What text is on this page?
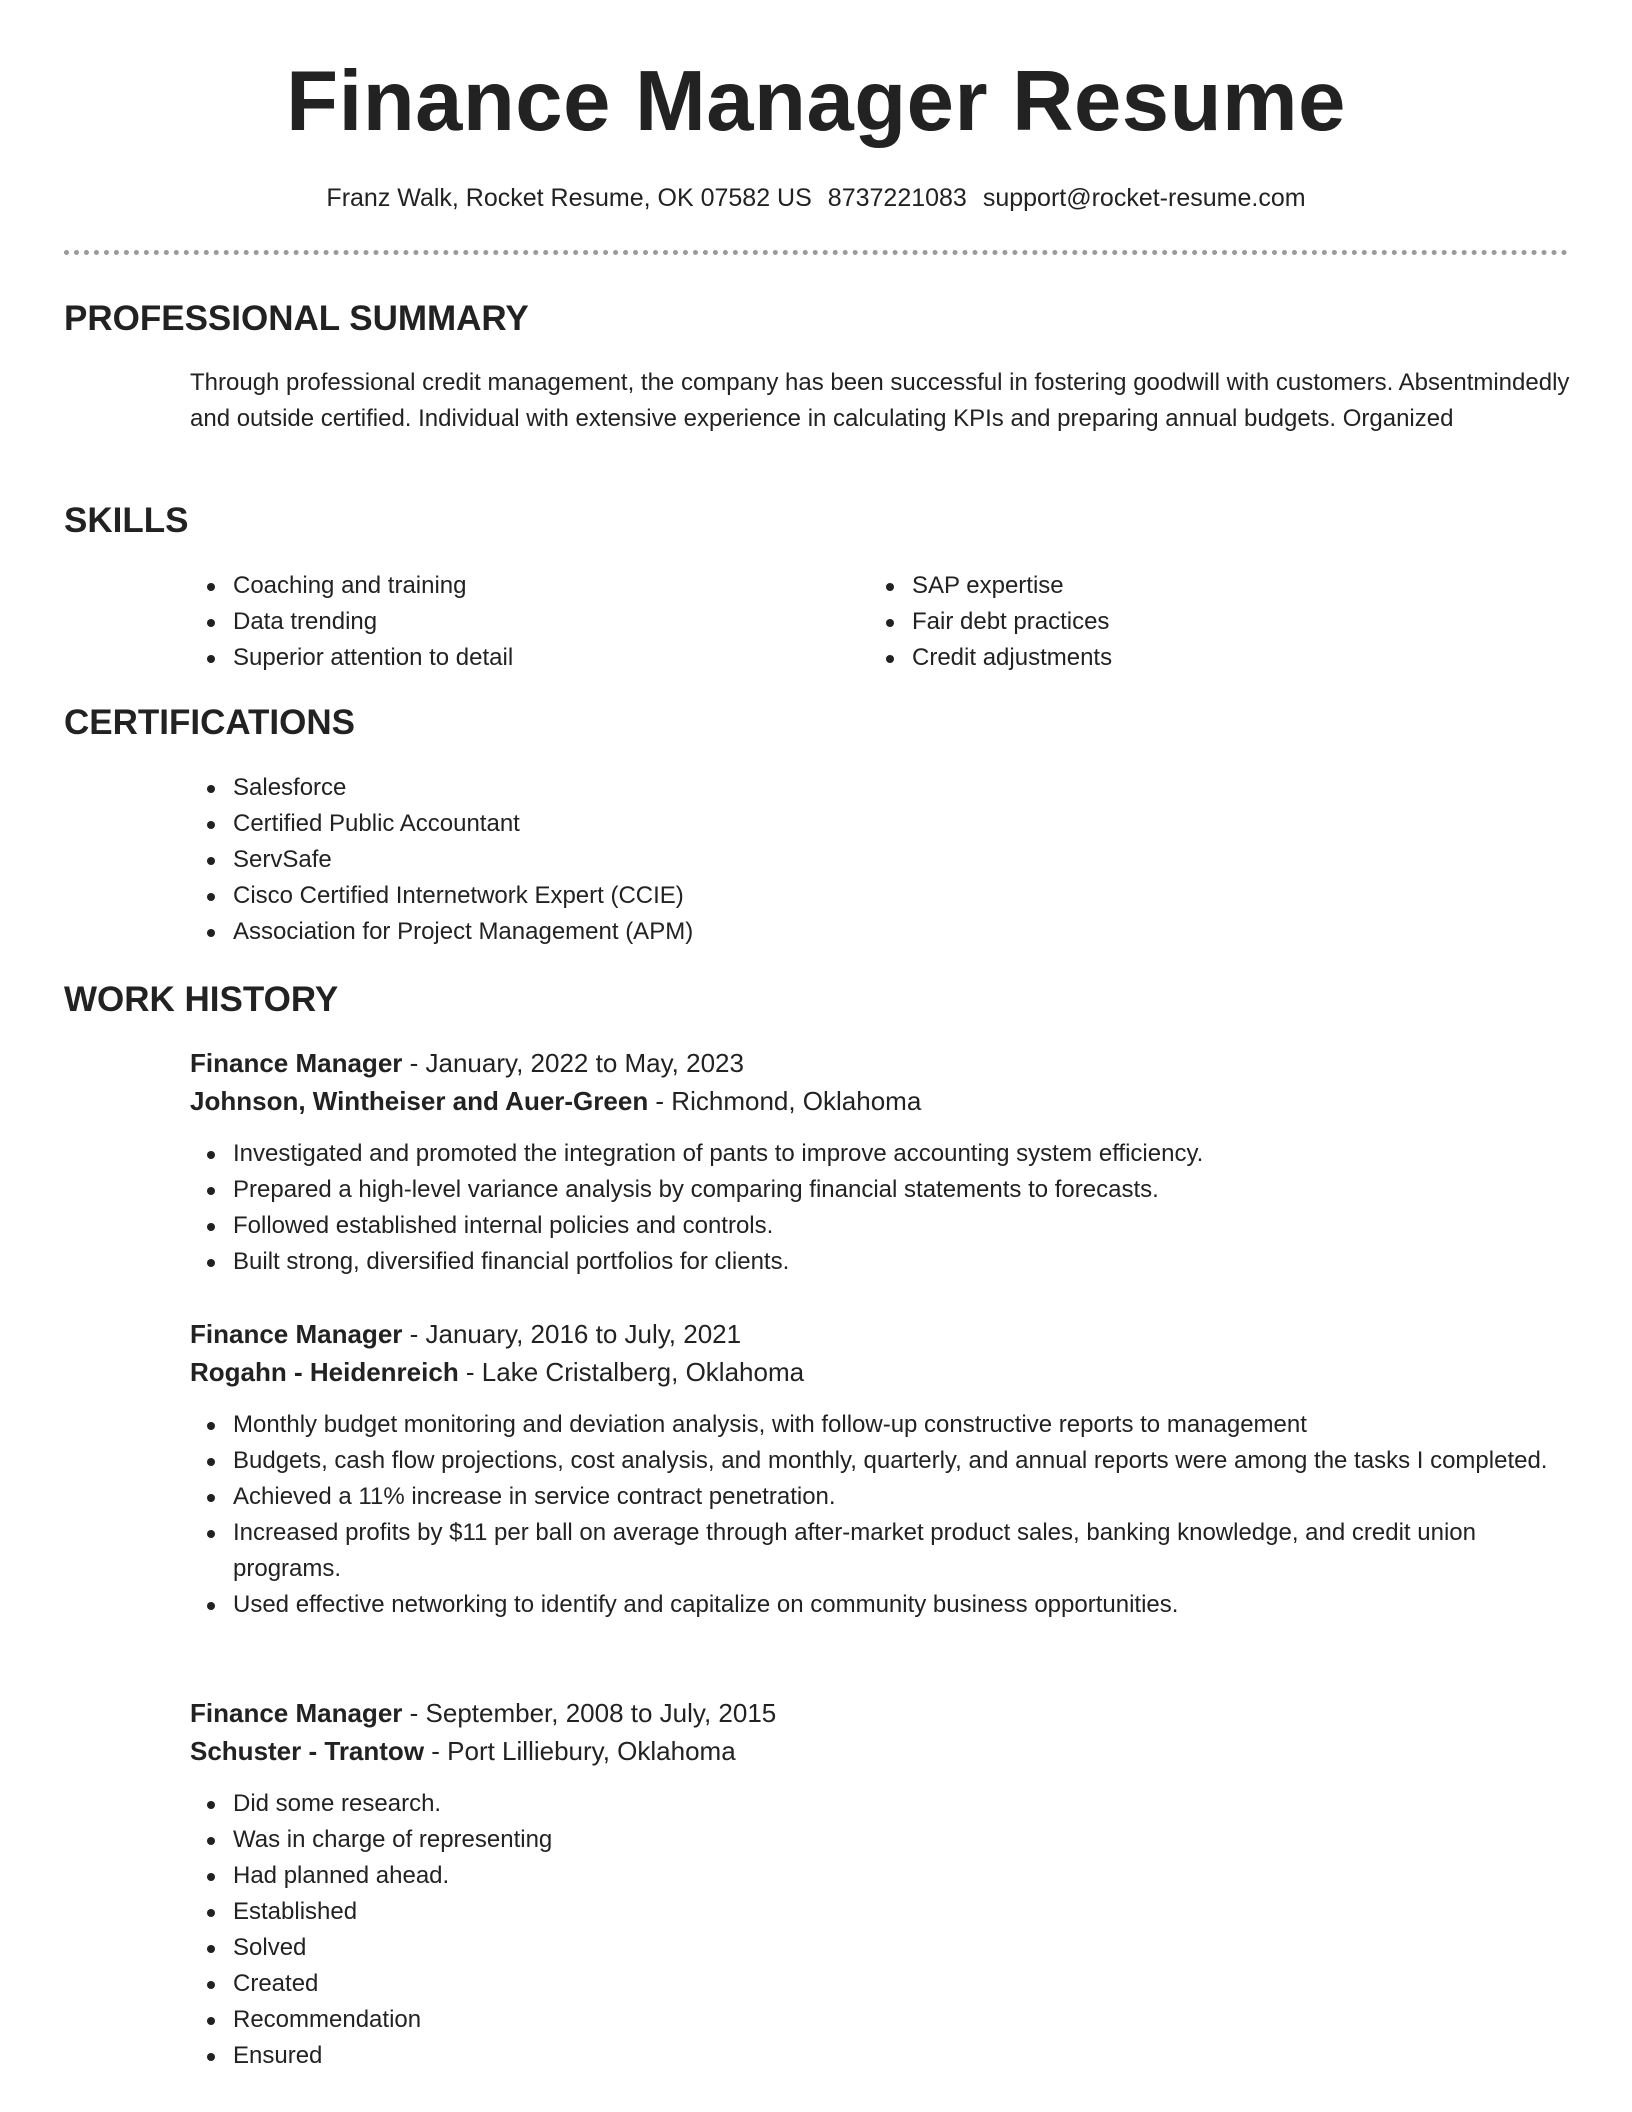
Finance Manager Resume
Franz Walk, Rocket Resume, OK 07582 US 8737221083 support@rocket-resume.com
PROFESSIONAL SUMMARY
Through professional credit management, the company has been successful in fostering goodwill with customers. Absentmindedly and outside certified. Individual with extensive experience in calculating KPIs and preparing annual budgets. Organized
SKILLS
Coaching and training
Data trending
Superior attention to detail
SAP expertise
Fair debt practices
Credit adjustments
CERTIFICATIONS
Salesforce
Certified Public Accountant
ServSafe
Cisco Certified Internetwork Expert (CCIE)
Association for Project Management (APM)
WORK HISTORY
Finance Manager - January, 2022 to May, 2023
Johnson, Wintheiser and Auer-Green - Richmond, Oklahoma
Investigated and promoted the integration of pants to improve accounting system efficiency.
Prepared a high-level variance analysis by comparing financial statements to forecasts.
Followed established internal policies and controls.
Built strong, diversified financial portfolios for clients.
Finance Manager - January, 2016 to July, 2021
Rogahn - Heidenreich - Lake Cristalberg, Oklahoma
Monthly budget monitoring and deviation analysis, with follow-up constructive reports to management
Budgets, cash flow projections, cost analysis, and monthly, quarterly, and annual reports were among the tasks I completed.
Achieved a 11% increase in service contract penetration.
Increased profits by $11 per ball on average through after-market product sales, banking knowledge, and credit union programs.
Used effective networking to identify and capitalize on community business opportunities.
Finance Manager - September, 2008 to July, 2015
Schuster - Trantow - Port Lilliebury, Oklahoma
Did some research.
Was in charge of representing
Had planned ahead.
Established
Solved
Created
Recommendation
Ensured
